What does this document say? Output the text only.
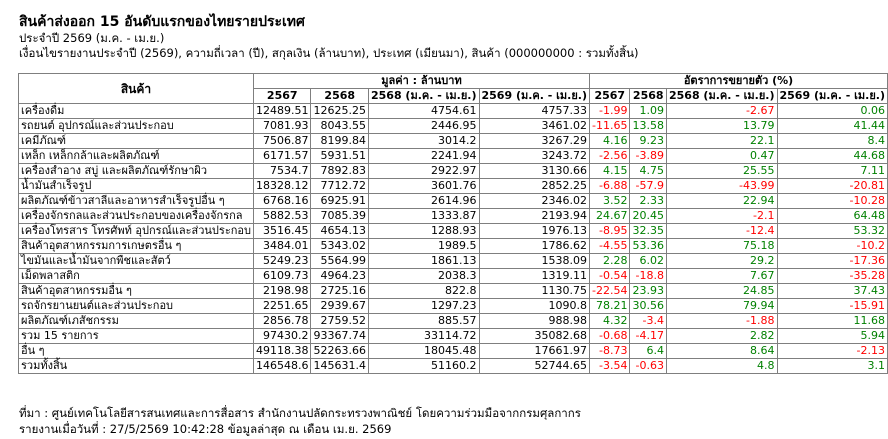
สินค้าส่งออก 15 อันดับแรกของไทยรายประเทศ
ประจำปี 2569 (ม.ค. - เม.ย.)
เงื่อนไขรายงานประจำปี (2569), ความถี่เวลา (ปี), สกุลเงิน (ล้านบาท), ประเทศ (เมียนมา), สินค้า (000000000 : รวมทั้งสิ้น)
สินค้า	มูลค่า : ล้านบาท				อัตราการขยายตัว (%)			
	2567	2568	2568 (ม.ค. - เม.ย.)	2569 (ม.ค. - เม.ย.)	2567	2568	2568 (ม.ค. - เม.ย.)	2569 (ม.ค. - เม.ย.)
เครื่องดื่ม	12489.51	12625.25	4754.61	4757.33	-1.99	1.09	-2.67	0.06
รถยนต์ อุปกรณ์และส่วนประกอบ	7081.93	8043.55	2446.95	3461.02	-11.65	13.58	13.79	41.44
เคมีภัณฑ์	7506.87	8199.84	3014.2	3267.29	4.16	9.23	22.1	8.4
เหล็ก เหล็กกล้าและผลิตภัณฑ์	6171.57	5931.51	2241.94	3243.72	-2.56	-3.89	0.47	44.68
เครื่องสำอาง สบู่ และผลิตภัณฑ์รักษาผิว	7534.7	7892.83	2922.97	3130.66	4.15	4.75	25.55	7.11
น้ำมันสำเร็จรูป	18328.12	7712.72	3601.76	2852.25	-6.88	-57.9	-43.99	-20.81
ผลิตภัณฑ์ข้าวสาลีและอาหารสำเร็จรูปอื่น ๆ	6768.16	6925.91	2614.96	2346.02	3.52	2.33	22.94	-10.28
เครื่องจักรกลและส่วนประกอบของเครื่องจักรกล	5882.53	7085.39	1333.87	2193.94	24.67	20.45	-2.1	64.48
เครื่องโทรสาร โทรศัพท์ อุปกรณ์และส่วนประกอบ	3516.45	4654.13	1288.93	1976.13	-8.95	32.35	-12.4	53.32
สินค้าอุตสาหกรรมการเกษตรอื่น ๆ	3484.01	5343.02	1989.5	1786.62	-4.55	53.36	75.18	-10.2
ไขมันและน้ำมันจากพืชและสัตว์	5249.23	5564.99	1861.13	1538.09	2.28	6.02	29.2	-17.36
เม็ดพลาสติก	6109.73	4964.23	2038.3	1319.11	-0.54	-18.8	7.67	-35.28
สินค้าอุตสาหกรรมอื่น ๆ	2198.98	2725.16	822.8	1130.75	-22.54	23.93	24.85	37.43
รถจักรยานยนต์และส่วนประกอบ	2251.65	2939.67	1297.23	1090.8	78.21	30.56	79.94	-15.91
ผลิตภัณฑ์เภสัชกรรม	2856.78	2759.52	885.57	988.98	4.32	-3.4	-1.88	11.68
รวม 15 รายการ	97430.2	93367.74	33114.72	35082.68	-0.68	-4.17	2.82	5.94
อื่น ๆ	49118.38	52263.66	18045.48	17661.97	-8.73	6.4	8.64	-2.13
รวมทั้งสิ้น	146548.6	145631.4	51160.2	52744.65	-3.54	-0.63	4.8	3.1
ที่มา : ศูนย์เทคโนโลยีสารสนเทศและการสื่อสาร สำนักงานปลัดกระทรวงพาณิชย์ โดยความร่วมมือจากกรมศุลกากร
รายงานเมื่อวันที่ : 27/5/2569 10:42:28 ข้อมูลล่าสุด ณ เดือน เม.ย. 2569
